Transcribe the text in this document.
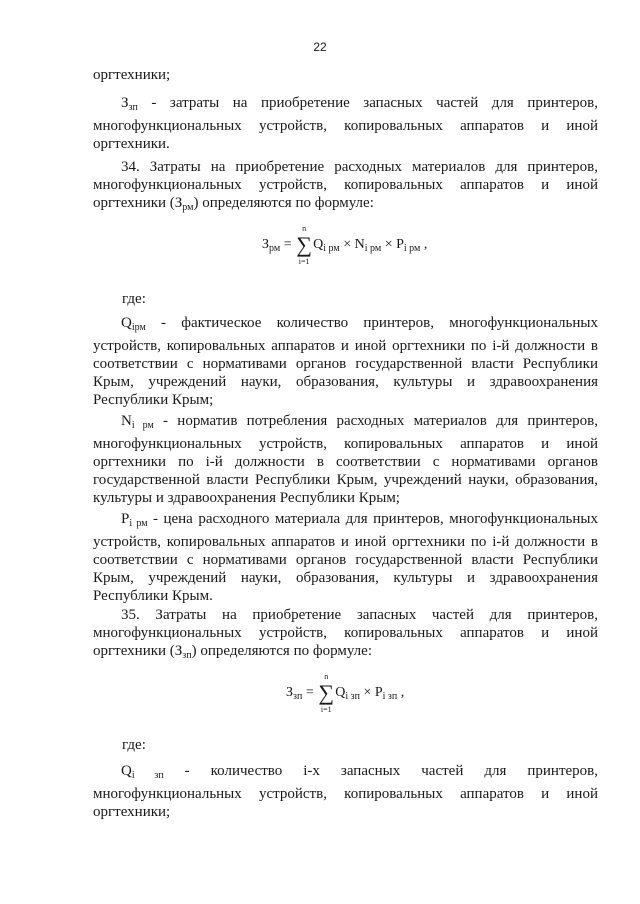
22

оргтехники;

$З_{зп}$ - затраты на приобретение запасных частей для принтеров, многофункциональных устройств, копировальных аппаратов и иной оргтехники.

34. Затраты на приобретение расходных материалов для принтеров, многофункциональных устройств, копировальных аппаратов и иной оргтехники $(З_{рм})$ определяются по формуле:

$З_{рм}$ = ∑
n
i=1
$Q_{i рм} \times N_{i рм} \times P_{i рм}$ ,
где:

$Q_{iрм}$ - фактическое количество принтеров, многофункциональных устройств, копировальных аппаратов и иной оргтехники по i-й должности в соответствии с нормативами органов государственной власти Республики Крым, учреждений науки, образования, культуры и здравоохранения Республики Крым;

$N_{i рм}$ - норматив потребления расходных материалов для принтеров, многофункциональных устройств, копировальных аппаратов и иной оргтехники по i-й должности в соответствии с нормативами органов государственной власти Республики Крым, учреждений науки, образования, культуры и здравоохранения Республики Крым;

$P_{i рм}$ - цена расходного материала для принтеров, многофункциональных устройств, копировальных аппаратов и иной оргтехники по i-й должности в соответствии с нормативами органов государственной власти Республики Крым, учреждений науки, образования, культуры и здравоохранения Республики Крым.

35. Затраты на приобретение запасных частей для принтеров, многофункциональных устройств, копировальных аппаратов и иной оргтехники $(З_{зп})$ определяются по формуле:

$З_{зп}$ = ∑
n
i=1
$Q_{i зп} \times P_{i зп}$ ,
где:

$Q_{i зп}$ - количество i-х запасных частей для принтеров, многофункциональных устройств, копировальных аппаратов и иной оргтехники;
